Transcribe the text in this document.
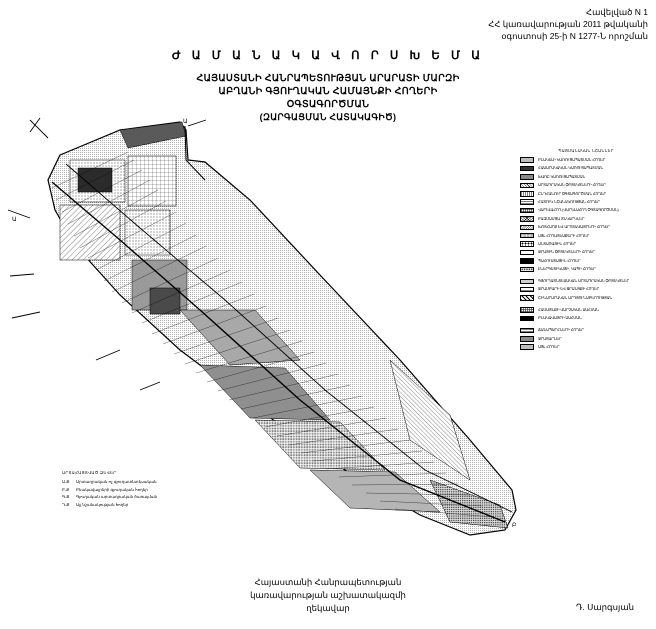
Հավելված N 1
ՀՀ կառավարության 2011 թվականի
օգոստոսի 25-ի N 1277-Ն որոշման
Ժ Ա Մ Ա Ն Ա Կ Ա Վ Ո Ր Ս Խ Ե Մ Ա
ՀԱՅԱՍՏԱՆԻ ՀԱՆՐԱՊԵՏՈՒԹՅԱՆ ԱՐԱՐԱՏԻ ՄԱՐԶԻ
ԱԲՂԱՆԻ ԳՅՈՒՂԱԿԱՆ ՀԱՄԱՅՆՔԻ ՀՈՂԵՐԻ
ՕԳՏԱԳՈՐԾՄԱՆ
(ԶԱՐԳԱՑՄԱՆ ՀԱՏԱԿԱԳԻԾ)
Ա
Ա
Բ
ՊԱՅՄԱՆԱԿԱՆ ՆՇԱՆՆԵՐ
ԲՆԱԿԵԼԻ ԿԱՌՈՒՑԱՊԱՏՄԱՆ ՀՈՂԵՐ
ՀԱՍԱՐԱԿԱԿԱՆ ԿԱՌՈՒՑԱՊԱՏՄԱՆ
ԽԱՌԸ ԿԱՌՈՒՑԱՊԱՏՄԱՆ
ԱՐՏԱԴՐԱԿԱՆ ՕԲՅԵԿՏՆԵՐԻ ՀՈՂԵՐ
ԸՆԴՀԱՆՈՒՐ ՕԳՏԱԳՈՐԾՄԱՆ ՀՈՂԵՐ
ՀԱՏՈՒԿ ՆՇԱՆԱԿՈՒԹՅԱՆ ՀՈՂԵՐ
ՎԱՐԵԼԱՀՈՂ (ՎԱՐԵԼԱՀՈՂ ՕԳՏԱԳՈՐԾՄԱՆ)
ԲԱԶՄԱՄՅԱ ՏՆԿԱՐԿՆԵՐ
ԽՈՏՀԱՐՔ ԵՎ ԱՐՈՏԱՎԱՅՐԵՐԻ ՀՈՂԵՐ
ԱՅԼ ՀՈՂԱՏԵՍՔԵՐԻ ՀՈՂԵՐ
ԱՆՏԱՌԱՅԻՆ ՀՈՂԵՐ
ՋՐԱՅԻՆ ՕԲՅԵԿՏՆԵՐԻ ՀՈՂԵՐ
ՊԱՀՈՒՍՏԱՅԻՆ ՀՈՂԵՐ
ԷՆԵՐԳԵՏԻԿԱՅԻ, ԿԱՊԻ ՀՈՂԵՐ
ԳՅՈՒՂԱՏՆՏԵՍԱԿԱՆ ԱՐՏԱԴՐԱԿԱՆ ՕԲՅԵԿՏՆԵՐ
ՋՐԱՄԲԱՐԻ ԵՎ ՋՐԱՆՑՔԻ ՀՈՂԵՐ
ՇԻՆԱՐԱՐԱԿԱՆ ԱՐԴՅՈՒՆԱԲԵՐՈՒԹՅԱՆ
ՀԱՄԱՅՆՔԻ ՎԱՐՉԱԿԱՆ ՍԱՀՄԱՆ
ԲՆԱԿԱՎԱՅՐԻ ՍԱՀՄԱՆ
ՃԱՆԱՊԱՐՀՆԵՐԻ ՀՈՂԵՐ
ՋՐԱՏԱՐՆԵՐ
ԱՅԼ ՀՈՂԵՐ
ԱՐՏԱՀԱՅՏՎԱԾ ՁԵՎԵՐ
Ա-Ք	Արտադրական ոչ գյուղատնտեսական
Բ-Ք	Բնակավայրերի գյուղական հողեր
Գ-Ք	Գյուղական արտադրական ծառայման
Դ-Ք	Այլ նշանակության հողեր
Հայաստանի Հանրապետության
կառավարության աշխատակազմի
ղեկավար	Դ. Սարգսյան
